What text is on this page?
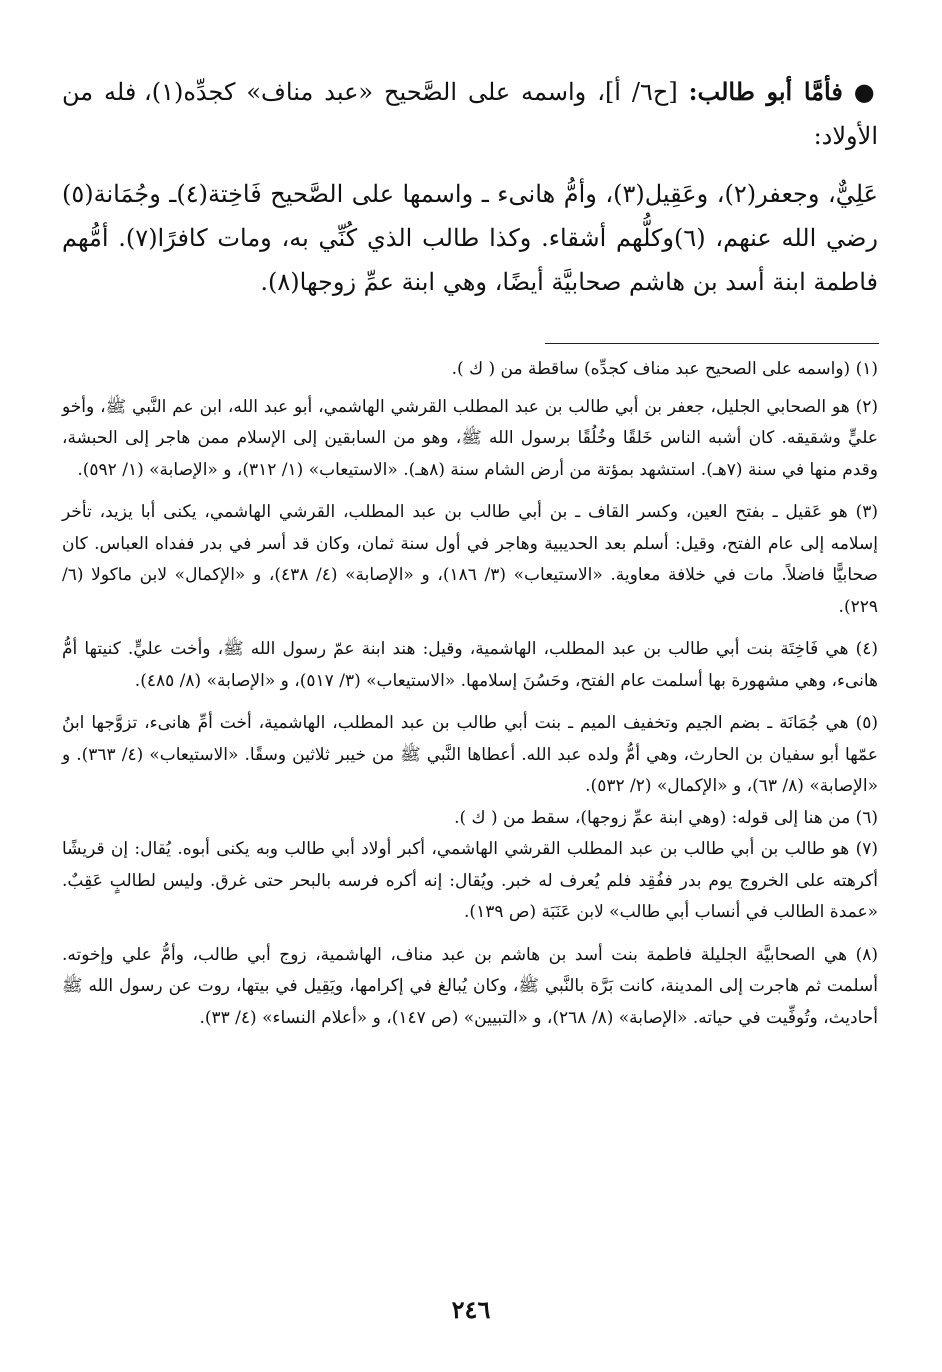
● فأمَّا أبو طالب: [ح٦/ أ]، واسمه على الصَّحيح «عبد مناف» كجدِّه(١)، فله من الأولاد:

عَلِيٌّ، وجعفر(٢)، وعَقِيل(٣)، وأمُّ هانىء ـ واسمها على الصَّحيح فَاخِتة(٤)ـ وجُمَانة(٥) رضي الله عنهم، (٦)وكلُّهم أشقاء. وكذا طالب الذي كُنِّي به، ومات كافرًا(٧). أمُّهم فاطمة ابنة أسد بن هاشم صحابيَّة أيضًا، وهي ابنة عمِّ زوجها(٨).

(١) (واسمه على الصحيح عبد مناف كجدِّه) ساقطة من ( ك ).

(٢) هو الصحابي الجليل، جعفر بن أبي طالب بن عبد المطلب القرشي الهاشمي، أبو عبد الله، ابن عم النَّبي ﷺ، وأخو عليٍّ وشقيقه. كان أشبه الناس خَلقًا وخُلُقًا برسول الله ﷺ، وهو من السابقين إلى الإسلام ممن هاجر إلى الحبشة، وقدم منها في سنة (٧هـ). استشهد بمؤتة من أرض الشام سنة (٨هـ). «الاستيعاب» (١/ ٣١٢)، و «الإصابة» (١/ ٥٩٢).

(٣) هو عَقيل ـ بفتح العين، وكسر القاف ـ بن أبي طالب بن عبد المطلب، القرشي الهاشمي، يكنى أبا يزيد، تأخر إسلامه إلى عام الفتح، وقيل: أسلم بعد الحديبية وهاجر في أول سنة ثمان، وكان قد أسر في بدر ففداه العباس. كان صحابيًّا فاضلاً. مات في خلافة معاوية. «الاستيعاب» (٣/ ١٨٦)، و «الإصابة» (٤/ ٤٣٨)، و «الإكمال» لابن ماكولا (٦/ ٢٢٩).

(٤) هي فَاخِتَة بنت أبي طالب بن عبد المطلب، الهاشمية، وقيل: هند ابنة عمّ رسول الله ﷺ، وأخت عليٍّ. كنيتها أمُّ هانىء، وهي مشهورة بها أسلمت عام الفتح، وحَسُنَ إسلامها. «الاستيعاب» (٣/ ٥١٧)، و «الإصابة» (٨/ ٤٨٥).

(٥) هي جُمَانَة ـ بضم الجيم وتخفيف الميم ـ بنت أبي طالب بن عبد المطلب، الهاشمية، أخت أمِّ هانىء، تزوَّجها ابنُ عمّها أبو سفيان بن الحارث، وهي أمُّ ولده عبد الله. أعطاها النَّبي ﷺ من خيبر ثلاثين وسقًا. «الاستيعاب» (٤/ ٣٦٣). و «الإصابة» (٨/ ٦٣)، و «الإكمال» (٢/ ٥٣٢).

(٦) من هنا إلى قوله: (وهي ابنة عمِّ زوجها)، سقط من ( ك ).

(٧) هو طالب بن أبي طالب بن عبد المطلب القرشي الهاشمي، أكبر أولاد أبي طالب وبه يكنى أبوه. يُقال: إن قريشًا أكرهته على الخروج يوم بدر ففُقِد فلم يُعرف له خبر. ويُقال: إنه أكره فرسه بالبحر حتى غرق. وليس لطالبٍ عَقِبٌ. «عمدة الطالب في أنساب أبي طالب» لابن عَنَبَة (ص ١٣٩).

(٨) هي الصحابيَّة الجليلة فاطمة بنت أسد بن هاشم بن عبد مناف، الهاشمية، زوج أبي طالب، وأمُّ علي وإخوته. أسلمت ثم هاجرت إلى المدينة، كانت بَرَّة بالنَّبي ﷺ، وكان يُبالغ في إكرامها، ويَقِيل في بيتها، روت عن رسول الله ﷺ أحاديث، وتُوفِّيت في حياته. «الإصابة» (٨/ ٢٦٨)، و «التبيين» (ص ١٤٧)، و «أعلام النساء» (٤/ ٣٣).

٢٤٦
